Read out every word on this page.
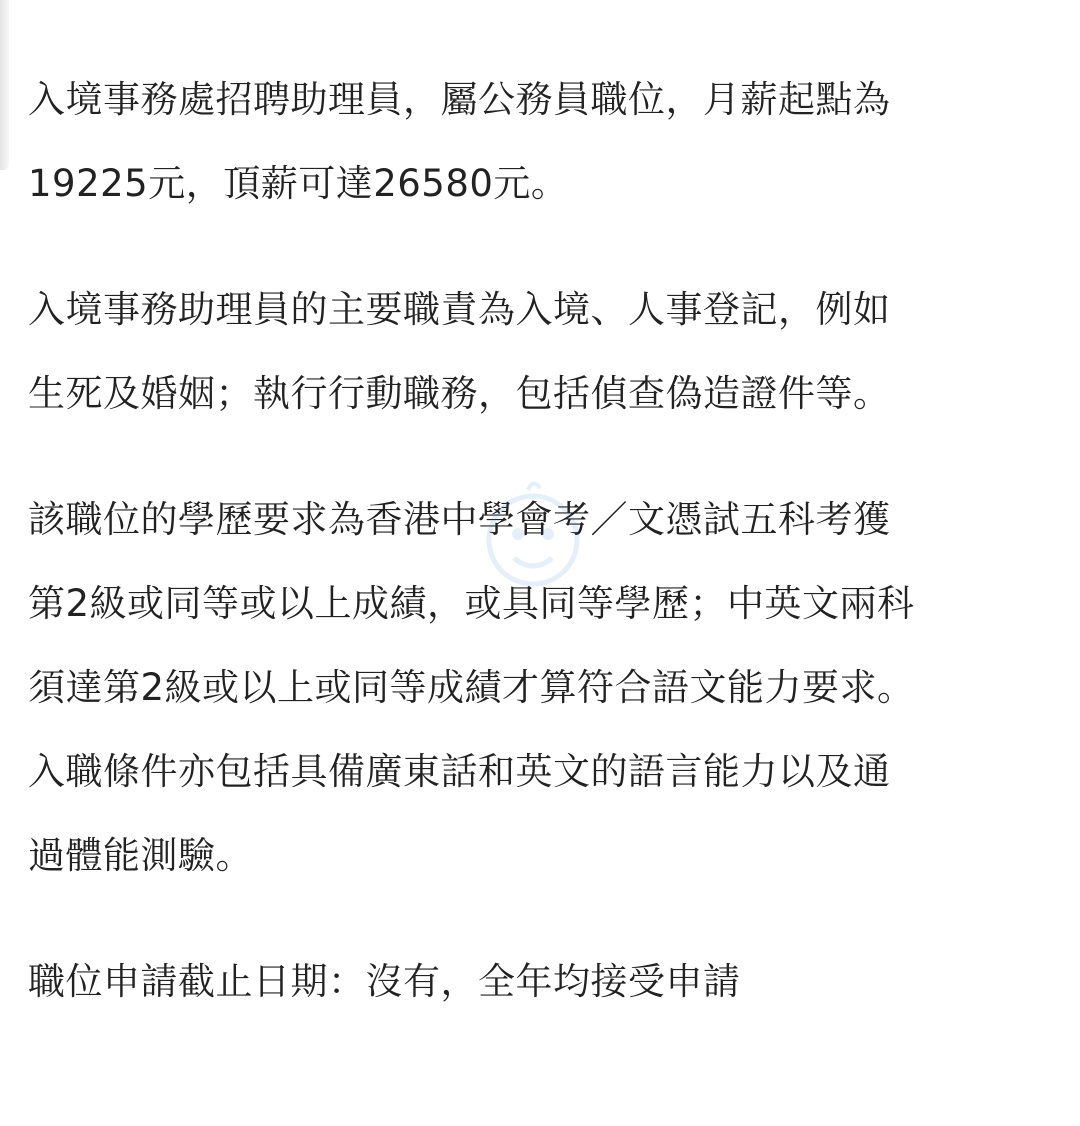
入境事務處招聘助理員，屬公務員職位，月薪起點為
19225元，頂薪可達26580元。

入境事務助理員的主要職責為入境、人事登記，例如
生死及婚姻；執行行動職務，包括偵查偽造證件等。

該職位的學歷要求為香港中學會考／文憑試五科考獲
第2級或同等或以上成績，或具同等學歷；中英文兩科
須達第2級或以上或同等成績才算符合語文能力要求。
入職條件亦包括具備廣東話和英文的語言能力以及通
過體能測驗。

職位申請截止日期：沒有，全年均接受申請
